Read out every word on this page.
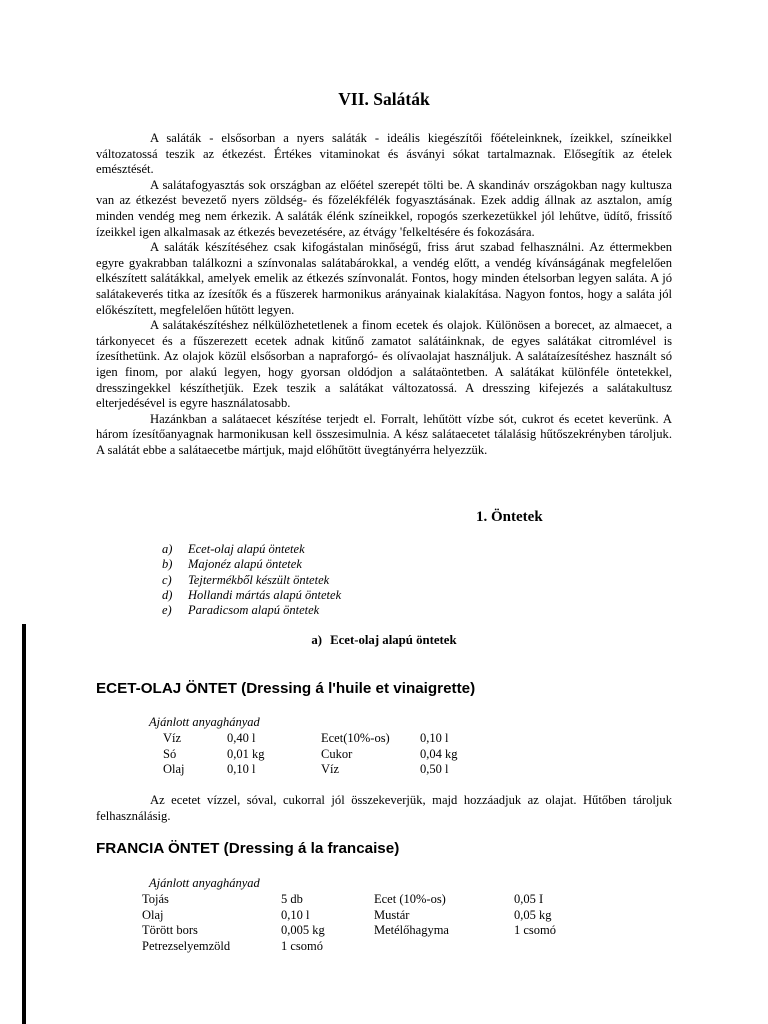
VII. Saláták

A saláták - elsősorban a nyers saláták - ideális kiegészítői főételeinknek, ízeikkel, színeikkel változatossá teszik az étkezést. Értékes vitaminokat és ásványi sókat tartalmaznak. Elősegítik az ételek emésztését.

A salátafogyasztás sok országban az előétel szerepét tölti be. A skandináv országokban nagy kultusza van az étkezést bevezető nyers zöldség- és főzelékfélék fogyasztásának. Ezek addig állnak az asztalon, amíg minden vendég meg nem érkezik. A saláták élénk színeikkel, ropogós szerkezetükkel jól lehűtve, üdítő, frissítő ízeikkel igen alkalmasak az étkezés bevezetésére, az étvágy 'felkeltésére és fokozására.

A saláták készítéséhez csak kifogástalan minőségű, friss árut szabad felhasználni. Az éttermekben egyre gyakrabban találkozni a színvonalas salátabárokkal, a vendég előtt, a vendég kívánságának megfelelően elkészített salátákkal, amelyek emelik az étkezés színvonalát. Fontos, hogy minden ételsorban legyen saláta. A jó salátakeverés titka az ízesítők és a fűszerek harmonikus arányainak kialakítása. Nagyon fontos, hogy a saláta jól előkészített, megfelelően hűtött legyen.

A salátakészítéshez nélkülözhetetlenek a finom ecetek és olajok. Különösen a borecet, az almaecet, a tárkonyecet és a fűszerezett ecetek adnak kitűnő zamatot salátáinknak, de egyes salátákat citromlével is ízesíthetünk. Az olajok közül elsősorban a napraforgó- és olívaolajat használjuk. A salátaízesítéshez használt só igen finom, por alakú legyen, hogy gyorsan oldódjon a salátaöntetben. A salátákat különféle öntetekkel, dresszingekkel készíthetjük. Ezek teszik a salátákat változatossá. A dresszing kifejezés a salátakultusz elterjedésével is egyre használatosabb.

Hazánkban a salátaecet készítése terjedt el. Forralt, lehűtött vízbe sót, cukrot és ecetet keverünk. A három ízesítőanyagnak harmonikusan kell összesimulnia. A kész salátaecetet tálalásig hűtőszekrényben tároljuk. A salátát ebbe a salátaecetbe mártjuk, majd előhűtött üvegtányérra helyezzük.

1. Öntetek
a)	Ecet-olaj alapú öntetek
b)	Majonéz alapú öntetek
c)	Tejtermékből készült öntetek
d)	Hollandi mártás alapú öntetek
e)	Paradicsom alapú öntetek
a) Ecet-olaj alapú öntetek
ECET-OLAJ ÖNTET (Dressing á l'huile et vinaigrette)
Ajánlott anyaghányad
Víz	0,40 l	Ecet(10%-os)	0,10 l
Só	0,01 kg	Cukor	0,04 kg
Olaj	0,10 l	Víz	0,50 l

Az ecetet vízzel, sóval, cukorral jól összekeverjük, majd hozzáadjuk az olajat. Hűtőben tároljuk felhasználásig.

FRANCIA ÖNTET (Dressing á la francaise)
Ajánlott anyaghányad
Tojás	5 db	Ecet (10%-os)	0,05 I
Olaj	0,10 l	Mustár	0,05 kg
Törött bors	0,005 kg	Metélőhagyma	1 csomó
Petrezselyemzöld	1 csomó		
